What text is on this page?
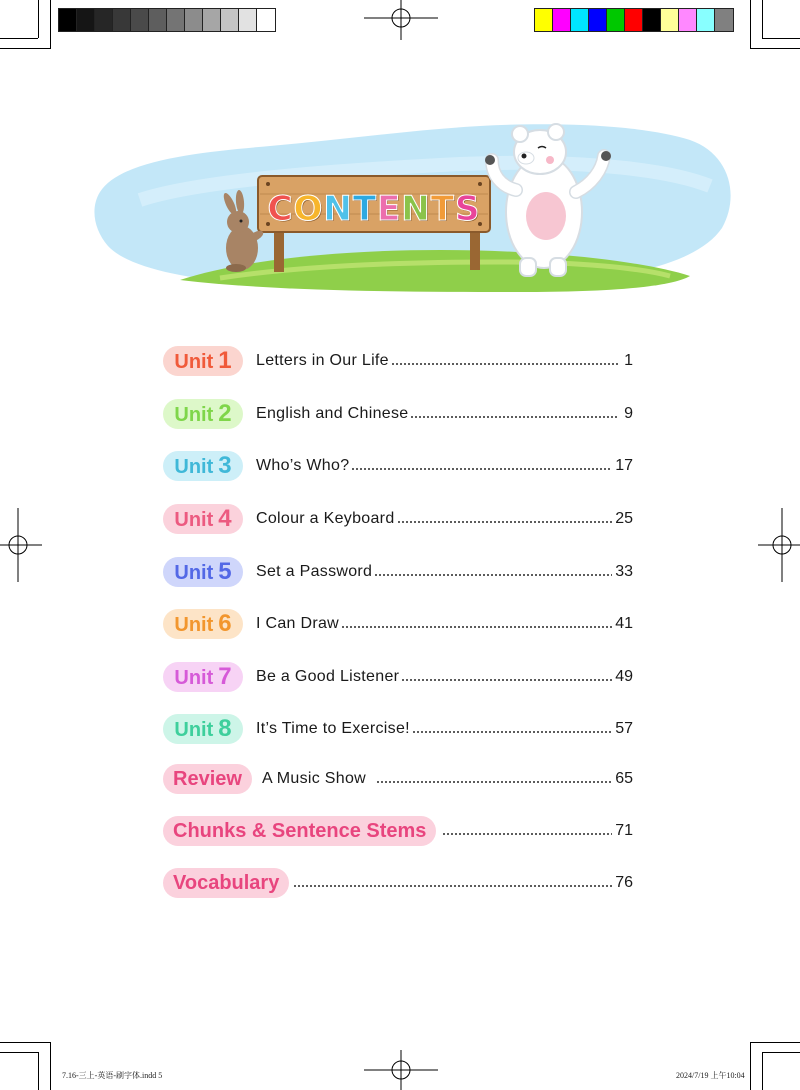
7.16-三上-英语-刷字体.indd 5	2024/7/19 上午10:04
C O N T E N T S
Unit 1 Letters in Our Life	1
Unit 2 English and Chinese	9
Unit 3 Who’s Who?	17
Unit 4 Colour a Keyboard	25
Unit 5 Set a Password	33
Unit 6 I Can Draw	41
Unit 7 Be a Good Listener	49
Unit 8 It’s Time to Exercise!	57
Review	A Music Show	65
Chunks & Sentence Stems	71
Vocabulary	76
